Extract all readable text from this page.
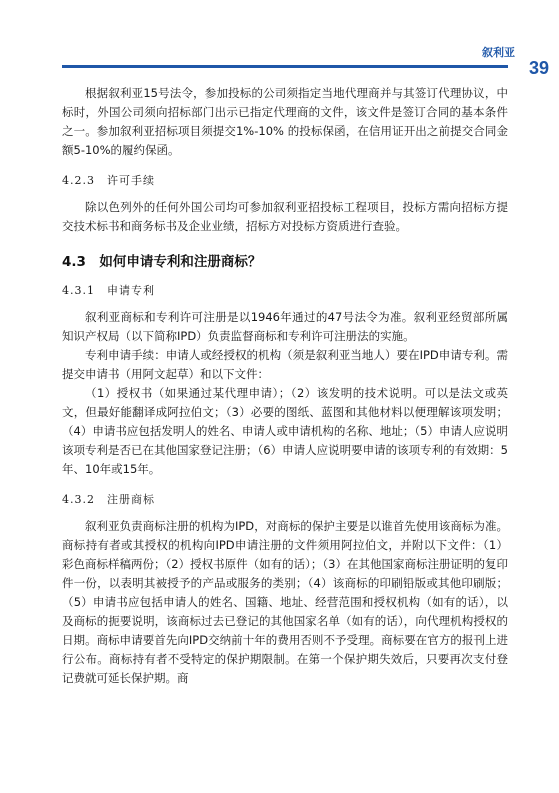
叙利亚
39

根据叙利亚15号法令，参加投标的公司须指定当地代理商并与其签订代理协议，中标时，外国公司须向招标部门出示已指定代理商的文件，该文件是签订合同的基本条件之一。参加叙利亚招标项目须提交1%-10% 的投标保函，在信用证开出之前提交合同金额5-10%的履约保函。

4.2.3　许可手续

除以色列外的任何外国公司均可参加叙利亚招投标工程项目，投标方需向招标方提交技术标书和商务标书及企业业绩，招标方对投标方资质进行查验。

4.3　如何申请专利和注册商标？
4.3.1　申请专利

叙利亚商标和专利许可注册是以1946年通过的47号法令为准。叙利亚经贸部所属知识产权局（以下简称IPD）负责监督商标和专利许可注册法的实施。

专利申请手续：申请人或经授权的机构（须是叙利亚当地人）要在IPD申请专利。需提交申请书（用阿文起草）和以下文件：

（1）授权书（如果通过某代理申请）；（2）该发明的技术说明。可以是法文或英文，但最好能翻译成阿拉伯文；（3）必要的图纸、蓝图和其他材料以便理解该项发明；（4）申请书应包括发明人的姓名、申请人或申请机构的名称、地址；（5）申请人应说明该项专利是否已在其他国家登记注册；（6）申请人应说明要申请的该项专利的有效期：5年、10年或15年。

4.3.2　注册商标

叙利亚负责商标注册的机构为IPD，对商标的保护主要是以谁首先使用该商标为准。商标持有者或其授权的机构向IPD申请注册的文件须用阿拉伯文，并附以下文件：（1）彩色商标样稿两份；（2）授权书原件（如有的话）；（3）在其他国家商标注册证明的复印件一份，以表明其被授予的产品或服务的类别；（4）该商标的印刷铅版或其他印刷版；（5）申请书应包括申请人的姓名、国籍、地址、经营范围和授权机构（如有的话），以及商标的扼要说明，该商标过去已登记的其他国家名单（如有的话），向代理机构授权的日期。商标申请要首先向IPD交纳前十年的费用否则不予受理。商标要在官方的报刊上进行公布。商标持有者不受特定的保护期限制。在第一个保护期失效后，只要再次支付登记费就可延长保护期。商
